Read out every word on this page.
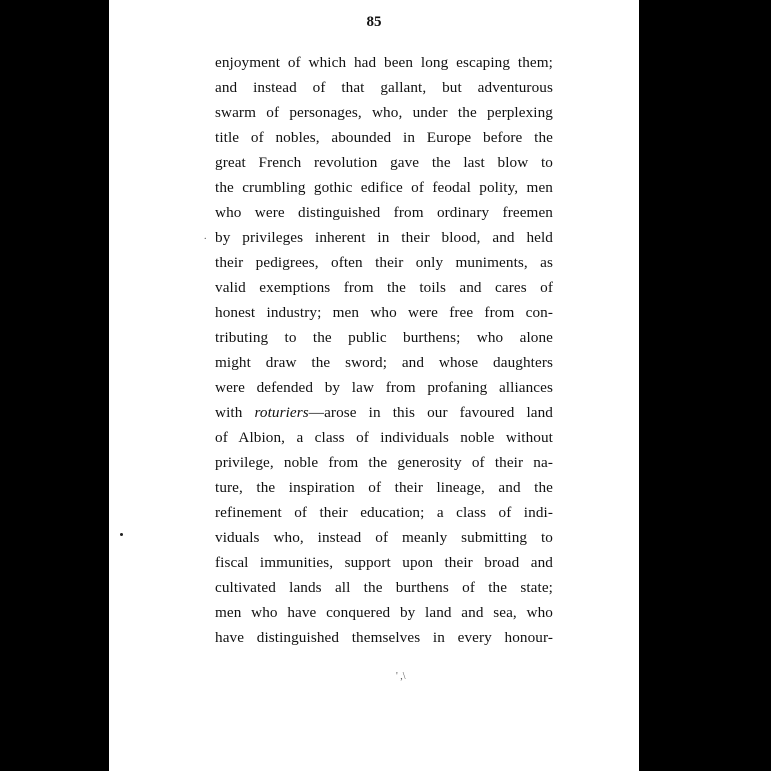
85
enjoyment of which had been long escaping them;
and instead of that gallant, but adventurous
swarm of personages, who, under the perplexing
title of nobles, abounded in Europe before the
great French revolution gave the last blow to
the crumbling gothic edifice of feodal polity, men
who were distinguished from ordinary freemen
by privileges inherent in their blood, and held
their pedigrees, often their only muniments, as
valid exemptions from the toils and cares of
honest industry; men who were free from con-
tributing to the public burthens; who alone
might draw the sword; and whose daughters
were defended by law from profaning alliances
with roturiers—arose in this our favoured land
of Albion, a class of individuals noble without
privilege, noble from the generosity of their na-
ture, the inspiration of their lineage, and the
refinement of their education; a class of indi-
viduals who, instead of meanly submitting to
fiscal immunities, support upon their broad and
cultivated lands all the burthens of the state;
men who have conquered by land and sea, who
have distinguished themselves in every honour-
.
' ,\
